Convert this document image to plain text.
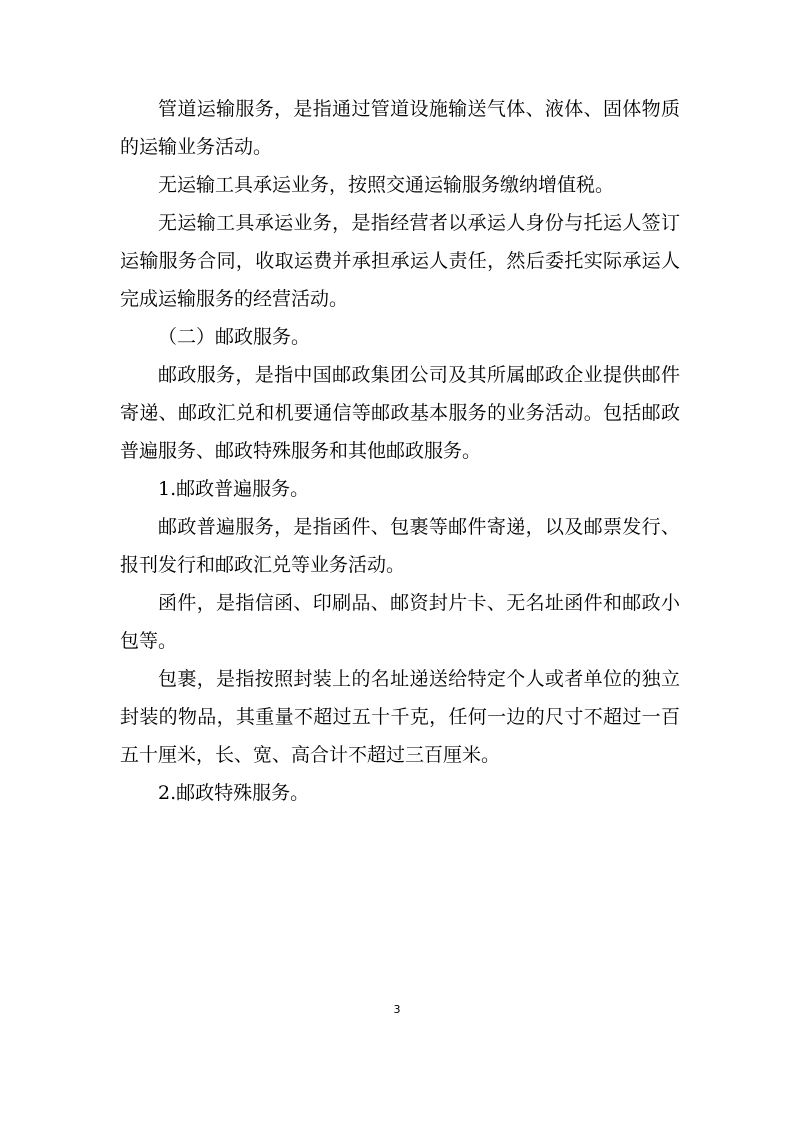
管道运输服务，是指通过管道设施输送气体、液体、固体物质的运输业务活动。

无运输工具承运业务，按照交通运输服务缴纳增值税。

无运输工具承运业务，是指经营者以承运人身份与托运人签订运输服务合同，收取运费并承担承运人责任，然后委托实际承运人完成运输服务的经营活动。

（二）邮政服务。

邮政服务，是指中国邮政集团公司及其所属邮政企业提供邮件寄递、邮政汇兑和机要通信等邮政基本服务的业务活动。包括邮政普遍服务、邮政特殊服务和其他邮政服务。

1.邮政普遍服务。

邮政普遍服务，是指函件、包裹等邮件寄递，以及邮票发行、报刊发行和邮政汇兑等业务活动。

函件，是指信函、印刷品、邮资封片卡、无名址函件和邮政小包等。

包裹，是指按照封装上的名址递送给特定个人或者单位的独立封装的物品，其重量不超过五十千克，任何一边的尺寸不超过一百五十厘米，长、宽、高合计不超过三百厘米。

2.邮政特殊服务。

3
